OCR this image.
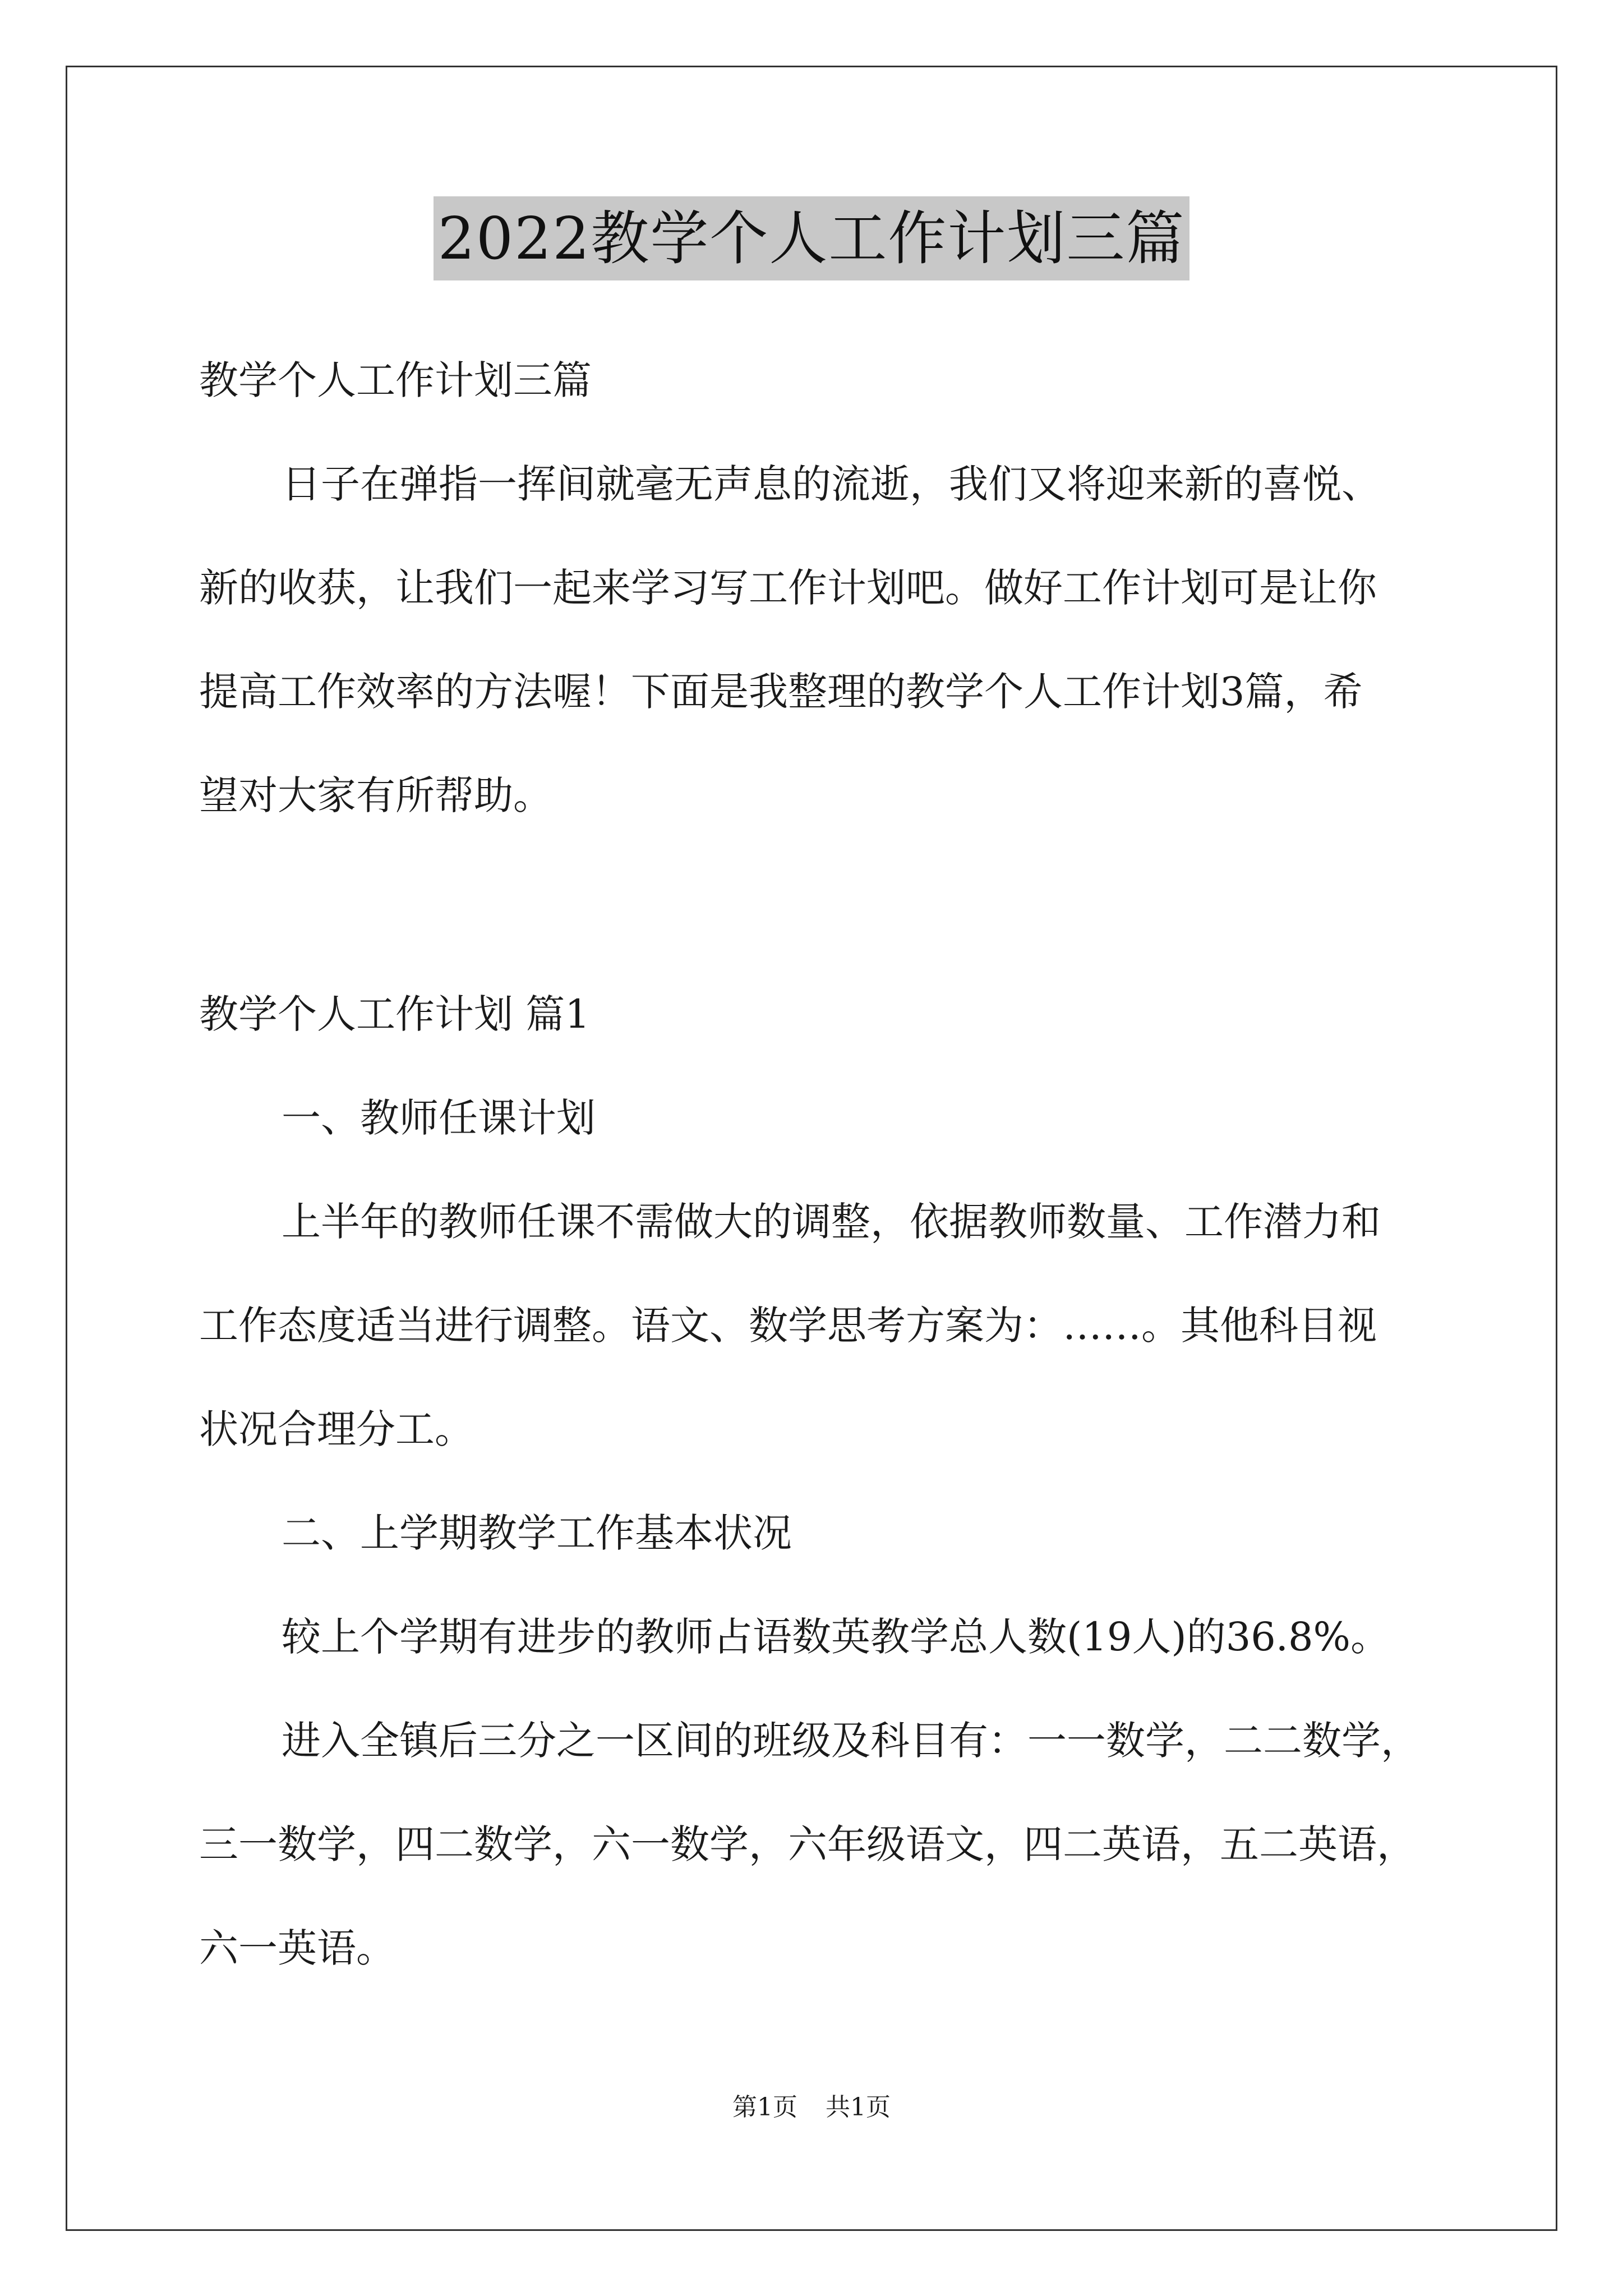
2022教学个人工作计划三篇
教学个人工作计划三篇
日子在弹指一挥间就毫无声息的流逝，我们又将迎来新的喜悦、
新的收获，让我们一起来学习写工作计划吧。做好工作计划可是让你
提高工作效率的方法喔！下面是我整理的教学个人工作计划3篇，希
望对大家有所帮助。
教学个人工作计划 篇1
一、教师任课计划
上半年的教师任课不需做大的调整，依据教师数量、工作潜力和
工作态度适当进行调整。语文、数学思考方案为：……。其他科目视
状况合理分工。
二、上学期教学工作基本状况
较上个学期有进步的教师占语数英教学总人数(19人)的36.8%。
进入全镇后三分之一区间的班级及科目有：一一数学，二二数学，
三一数学，四二数学，六一数学，六年级语文，四二英语，五二英语，
六一英语。
第1页 共1页
